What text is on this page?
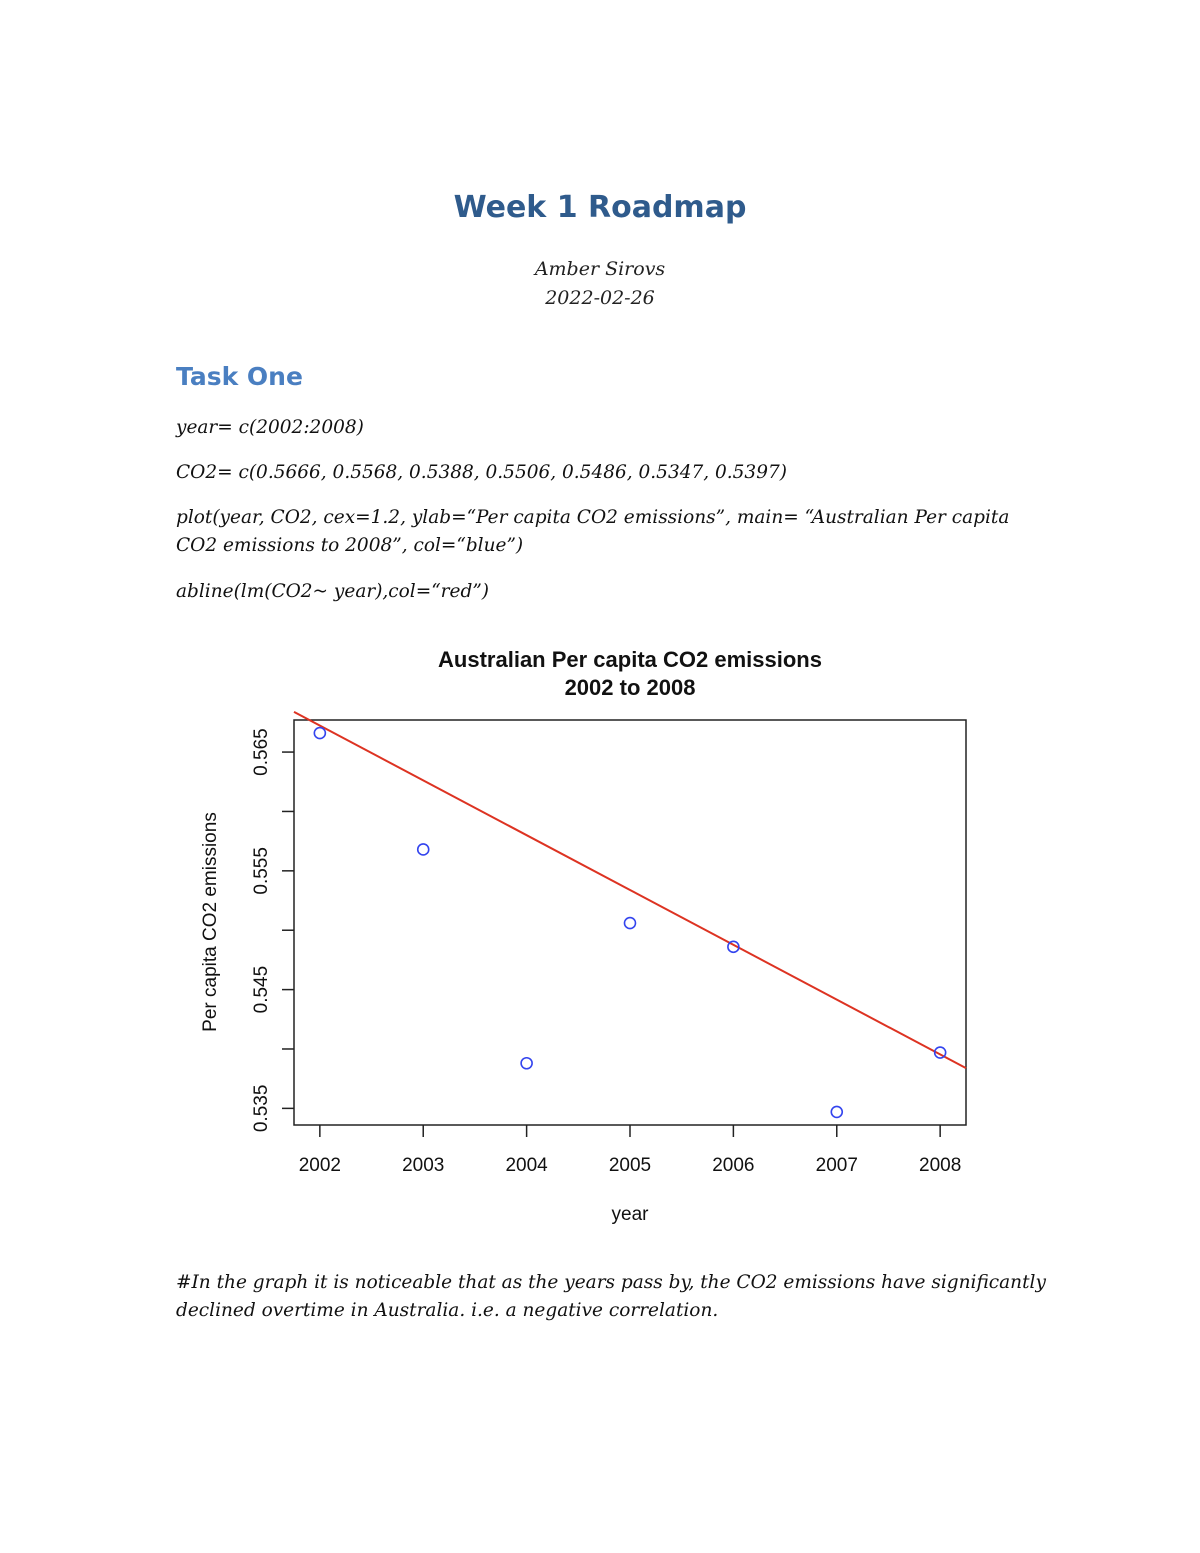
Week 1 Roadmap
Amber Sirovs
2022-02-26
Task One
year= c(2002:2008)
CO2= c(0.5666, 0.5568, 0.5388, 0.5506, 0.5486, 0.5347, 0.5397)
plot(year, CO2, cex=1.2, ylab=“Per capita CO2 emissions”, main= “Australian Per capita CO2 emissions to 2008”, col=“blue”)
abline(lm(CO2~ year),col=“red”)
Australian Per capita CO2 emissions
2002 to 2008
2002	2003	2004	2005	2006	2007	2008
0.535
0.545
0.555
0.565
year
Per capita CO2 emissions
#In the graph it is noticeable that as the years pass by, the CO2 emissions have significantly declined overtime in Australia. i.e. a negative correlation.
